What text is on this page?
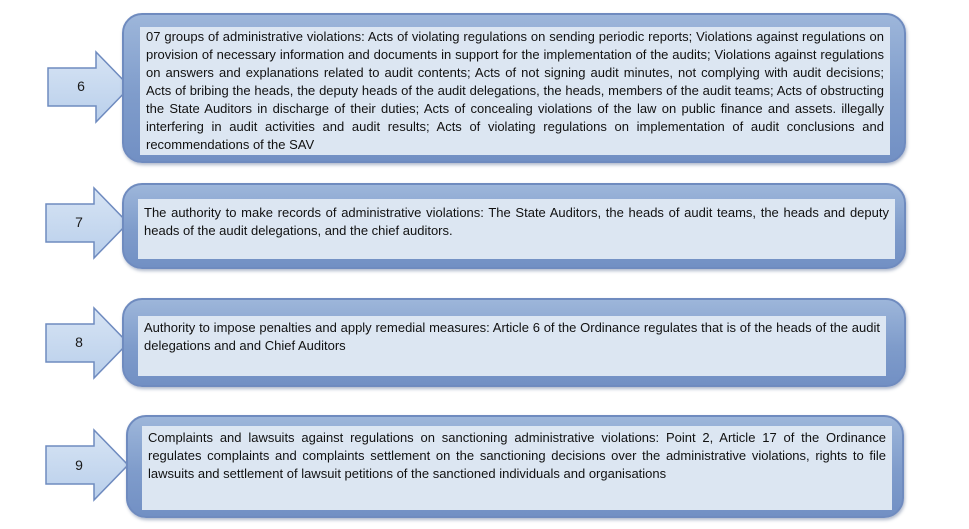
6
07 groups of administrative violations: Acts of violating regulations on sending periodic reports; Violations against regulations on provision of necessary information and documents in support for the implementation of the audits; Violations against regulations on answers and explanations related to audit contents; Acts of not signing audit minutes, not complying with audit decisions; Acts of bribing the heads, the deputy heads of the audit delegations, the heads, members of the audit teams; Acts of obstructing the State Auditors in discharge of their duties; Acts of concealing violations of the law on public finance and assets. illegally interfering in audit activities and audit results; Acts of violating regulations on implementation of audit conclusions and recommendations of the SAV
7
The authority to make records of administrative violations: The State Auditors, the heads of audit teams, the heads and deputy heads of the audit delegations, and the chief auditors.
8
Authority to impose penalties and apply remedial measures: Article 6 of the Ordinance regulates that is of the heads of the audit delegations and and Chief Auditors
9
Complaints and lawsuits against regulations on sanctioning administrative violations: Point 2, Article 17 of the Ordinance regulates complaints and complaints settlement on the sanctioning decisions over the administrative violations, rights to file lawsuits and settlement of lawsuit petitions of the sanctioned individuals and organisations
